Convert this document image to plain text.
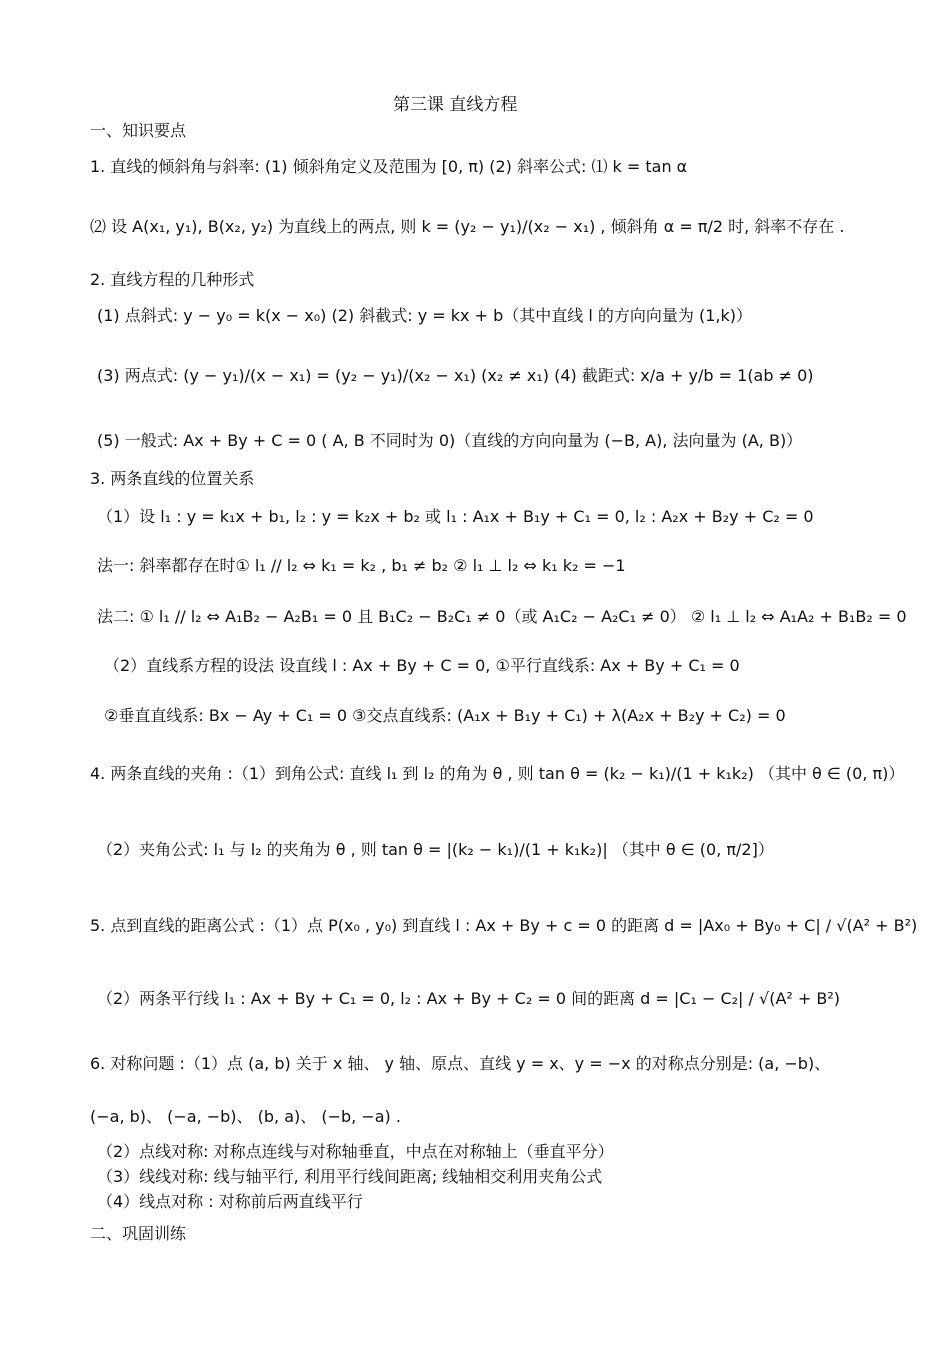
第三课 直线方程
一、知识要点
1. 直线的倾斜角与斜率: (1) 倾斜角定义及范围为 [0, π) (2) 斜率公式: ⑴ k = tan α
⑵ 设 A(x₁, y₁), B(x₂, y₂) 为直线上的两点, 则 k = (y₂ − y₁)/(x₂ − x₁) , 倾斜角 α = π/2 时, 斜率不存在 .
2. 直线方程的几种形式
(1) 点斜式: y − y₀ = k(x − x₀) (2) 斜截式: y = kx + b（其中直线 l 的方向向量为 (1,k)）
(3) 两点式: (y − y₁)/(x − x₁) = (y₂ − y₁)/(x₂ − x₁) (x₂ ≠ x₁) (4) 截距式: x/a + y/b = 1(ab ≠ 0)
(5) 一般式: Ax + By + C = 0 ( A, B 不同时为 0)（直线的方向向量为 (−B, A), 法向量为 (A, B)）
3. 两条直线的位置关系
（1）设 l₁ : y = k₁x + b₁, l₂ : y = k₂x + b₂ 或 l₁ : A₁x + B₁y + C₁ = 0, l₂ : A₂x + B₂y + C₂ = 0
法一: 斜率都存在时① l₁ // l₂ ⇔ k₁ = k₂ , b₁ ≠ b₂ ② l₁ ⊥ l₂ ⇔ k₁ k₂ = −1
法二: ① l₁ // l₂ ⇔ A₁B₂ − A₂B₁ = 0 且 B₁C₂ − B₂C₁ ≠ 0（或 A₁C₂ − A₂C₁ ≠ 0） ② l₁ ⊥ l₂ ⇔ A₁A₂ + B₁B₂ = 0
（2）直线系方程的设法 设直线 l : Ax + By + C = 0, ①平行直线系: Ax + By + C₁ = 0
②垂直直线系: Bx − Ay + C₁ = 0 ③交点直线系: (A₁x + B₁y + C₁) + λ(A₂x + B₂y + C₂) = 0
4. 两条直线的夹角 :（1）到角公式: 直线 l₁ 到 l₂ 的角为 θ , 则 tan θ = (k₂ − k₁)/(1 + k₁k₂) （其中 θ ∈ (0, π)）
（2）夹角公式: l₁ 与 l₂ 的夹角为 θ , 则 tan θ = |(k₂ − k₁)/(1 + k₁k₂)| （其中 θ ∈ (0, π/2]）
5. 点到直线的距离公式 :（1）点 P(x₀ , y₀) 到直线 l : Ax + By + c = 0 的距离 d = |Ax₀ + By₀ + C| / √(A² + B²)
（2）两条平行线 l₁ : Ax + By + C₁ = 0, l₂ : Ax + By + C₂ = 0 间的距离 d = |C₁ − C₂| / √(A² + B²)
6. 对称问题 :（1）点 (a, b) 关于 x 轴、 y 轴、原点、直线 y = x、y = −x 的对称点分别是: (a, −b)、
(−a, b)、 (−a, −b)、 (b, a)、 (−b, −a) .
（2）点线对称: 对称点连线与对称轴垂直，中点在对称轴上（垂直平分）
（3）线线对称: 线与轴平行, 利用平行线间距离; 线轴相交利用夹角公式
（4）线点对称 : 对称前后两直线平行
二、巩固训练
